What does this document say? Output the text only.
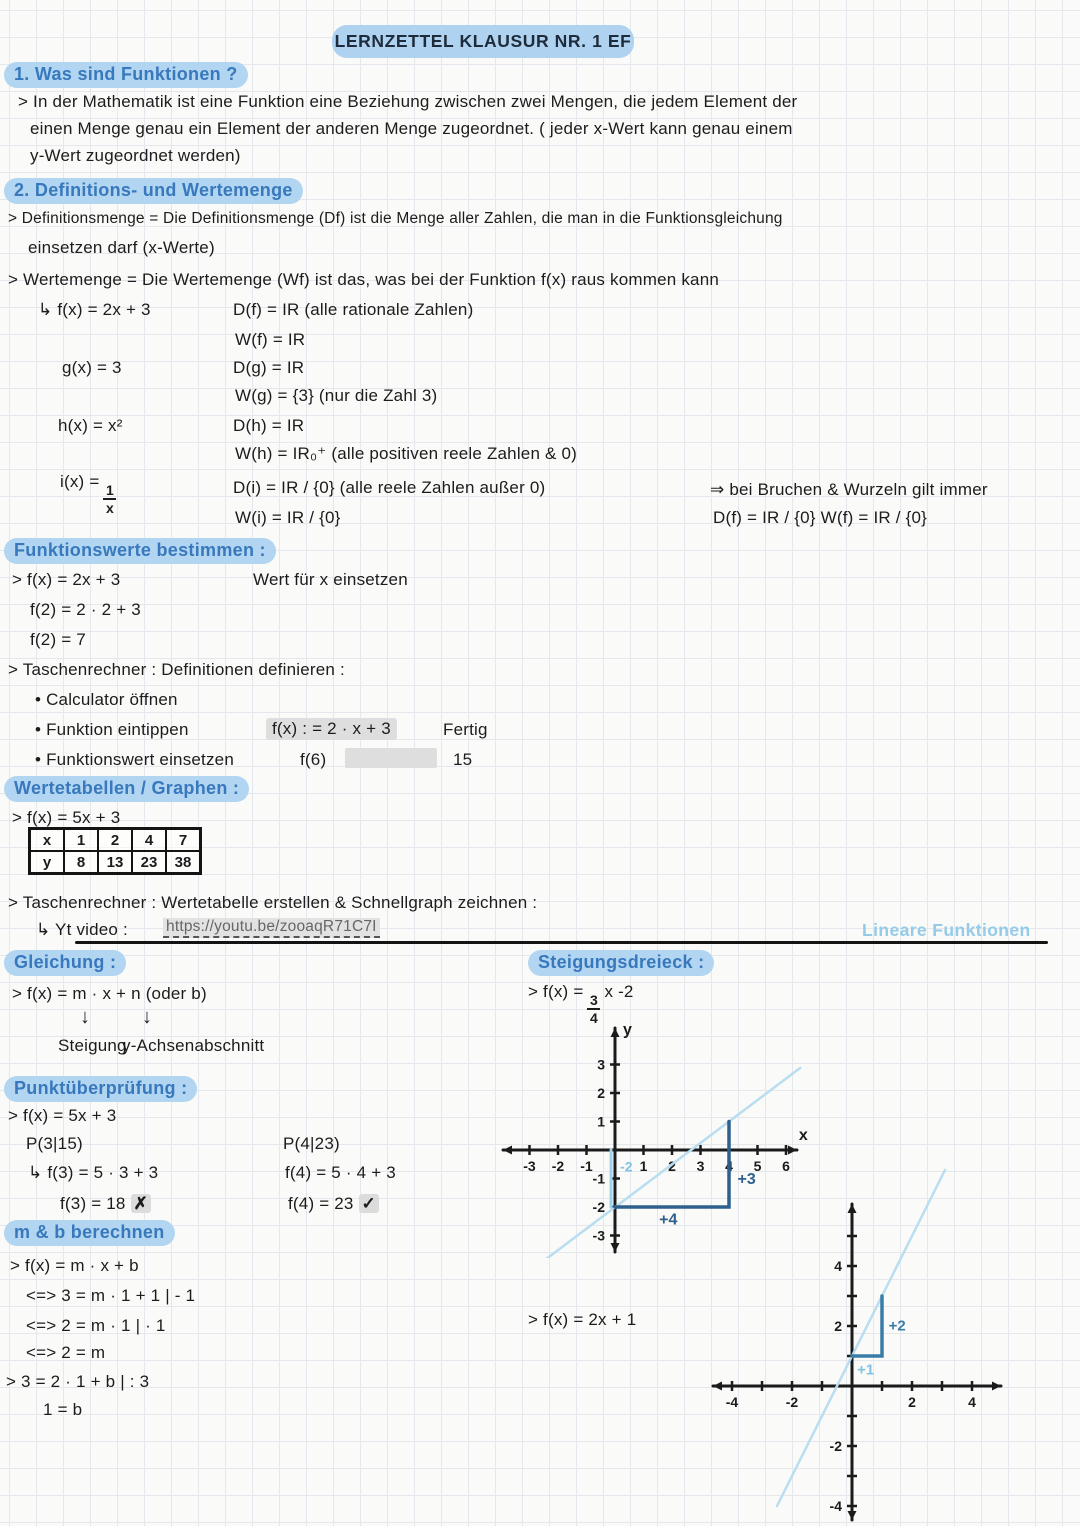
LERNZETTEL KLAUSUR NR. 1 EF
1. Was sind Funktionen ?
> In der Mathematik ist eine Funktion eine Beziehung zwischen zwei Mengen, die jedem Element der
einen Menge genau ein Element der anderen Menge zugeordnet. ( jeder x-Wert kann genau einem
y-Wert zugeordnet werden)
2. Definitions- und Wertemenge
> Definitionsmenge = Die Definitionsmenge (Df) ist die Menge aller Zahlen, die man in die Funktionsgleichung
einsetzen darf (x-Werte)
> Wertemenge = Die Wertemenge (Wf) ist das, was bei der Funktion f(x) raus kommen kann
↳ f(x) = 2x + 3	D(f) = IR (alle rationale Zahlen)
W(f) = IR
g(x) = 3	D(g) = IR
W(g) = {3} (nur die Zahl 3)
h(x) = x²	D(h) = IR
W(h) = IR₀⁺ (alle positiven reele Zahlen & 0)
i(x) =
$\frac{1}{x}$	D(i) = IR / {0} (alle reele Zahlen außer 0)
W(i) = IR / {0}
⇒ bei Bruchen & Wurzeln gilt immer
D(f) = IR / {0} W(f) = IR / {0}
Funktionswerte bestimmen :
> f(x) = 2x + 3	Wert für x einsetzen
f(2) = 2 · 2 + 3
f(2) = 7
> Taschenrechner : Definitionen definieren :
• Calculator öffnen
• Funktion eintippen	f(x) : = 2 · x + 3	Fertig
• Funktionswert einsetzen	f(6)	15
Wertetabellen / Graphen :
> f(x) = 5x + 3
x	1	2	4	7
y	8	13	23	38
> Taschenrechner : Wertetabelle erstellen & Schnellgraph zeichnen :
↳ Yt video : https://youtu.be/zooaqR71C7I	Lineare Funktionen
Gleichung :
> f(x) = m · x + n (oder b)
↓	↓
Steigung
y-Achsenabschnitt
Steigungsdreieck :
> f(x) =
$\frac{3}{4}$
x -2
Punktüberprüfung :
> f(x) = 5x + 3
P(3|15)	P(4|23)
↳ f(3) = 5 · 3 + 3	f(4) = 5 · 4 + 3
f(3) = 18 ✗	f(4) = 23 ✓
m & b berechnen
> f(x) = m · x + b
<=> 3 = m · 1 + 1 | - 1
<=> 2 = m · 1 | · 1
<=> 2 = m
> 3 = 2 · 1 + b | : 3
1 = b
> f(x) = 2x + 1
-3 -2 -1	1 2 3 4 5 6
3
2
1
-1
-2
-3
x
y
-2
+4
+3
-4	-2	2	4
4
2
-2
-4
+1
+2
